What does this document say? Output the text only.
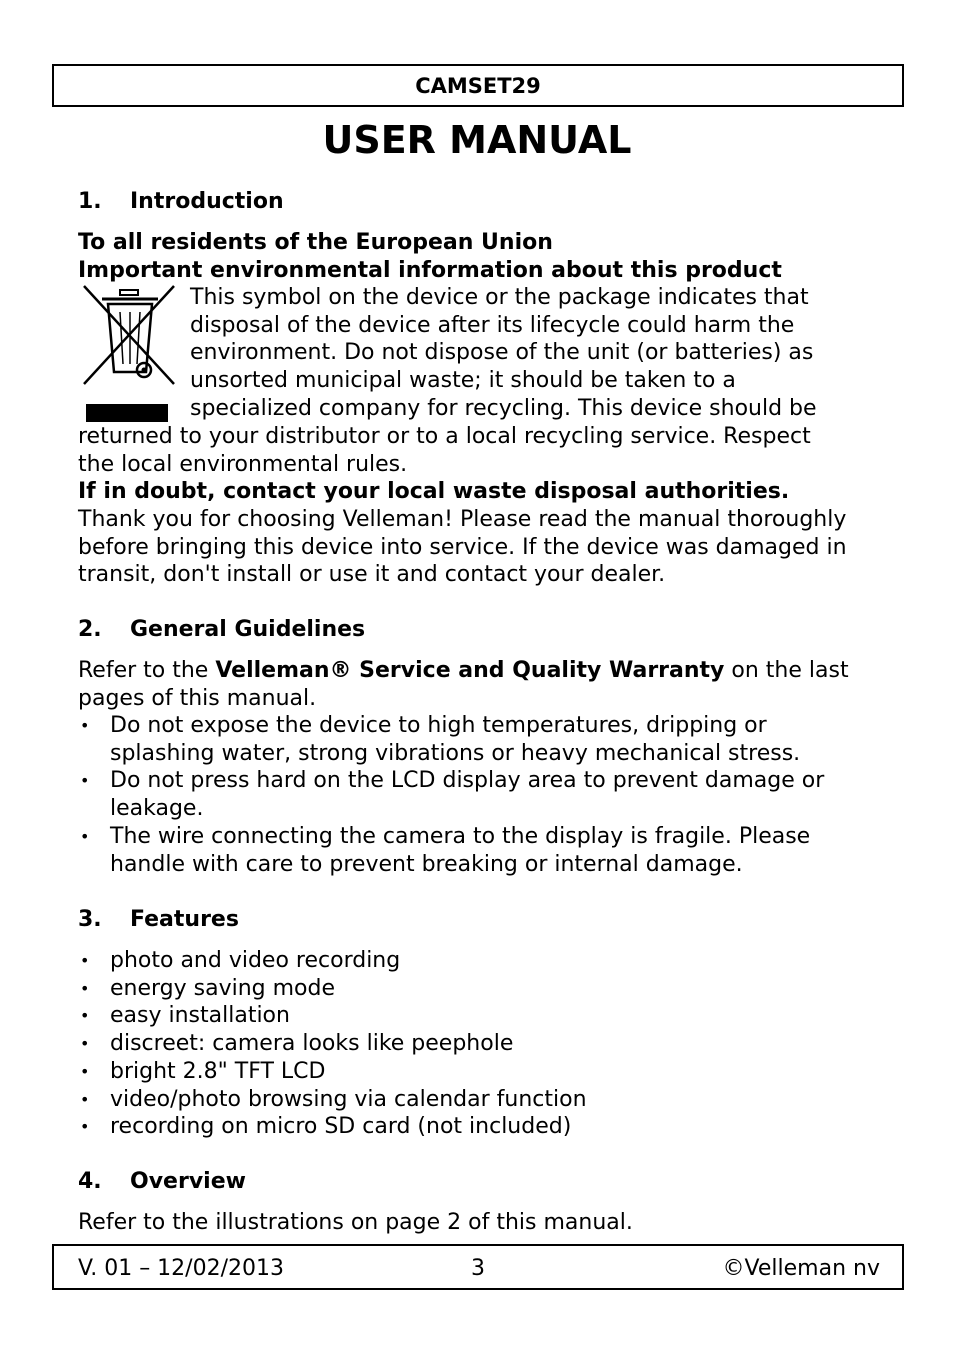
CAMSET29
USER MANUAL
1. Introduction
To all residents of the European Union
Important environmental information about this product
This symbol on the device or the package indicates that
disposal of the device after its lifecycle could harm the
environment. Do not dispose of the unit (or batteries) as
unsorted municipal waste; it should be taken to a
specialized company for recycling. This device should be
returned to your distributor or to a local recycling service. Respect
the local environmental rules.
If in doubt, contact your local waste disposal authorities.
Thank you for choosing Velleman! Please read the manual thoroughly
before bringing this device into service. If the device was damaged in
transit, don't install or use it and contact your dealer.
2. General Guidelines
Refer to the Velleman® Service and Quality Warranty on the last
pages of this manual.
• Do not expose the device to high temperatures, dripping or
splashing water, strong vibrations or heavy mechanical stress.
• Do not press hard on the LCD display area to prevent damage or
leakage.
• The wire connecting the camera to the display is fragile. Please
handle with care to prevent breaking or internal damage.
3. Features
• photo and video recording
• energy saving mode
• easy installation
• discreet: camera looks like peephole
• bright 2.8" TFT LCD
• video/photo browsing via calendar function
• recording on micro SD card (not included)
4. Overview
Refer to the illustrations on page 2 of this manual.
V. 01 – 12/02/2013	3	©Velleman nv
